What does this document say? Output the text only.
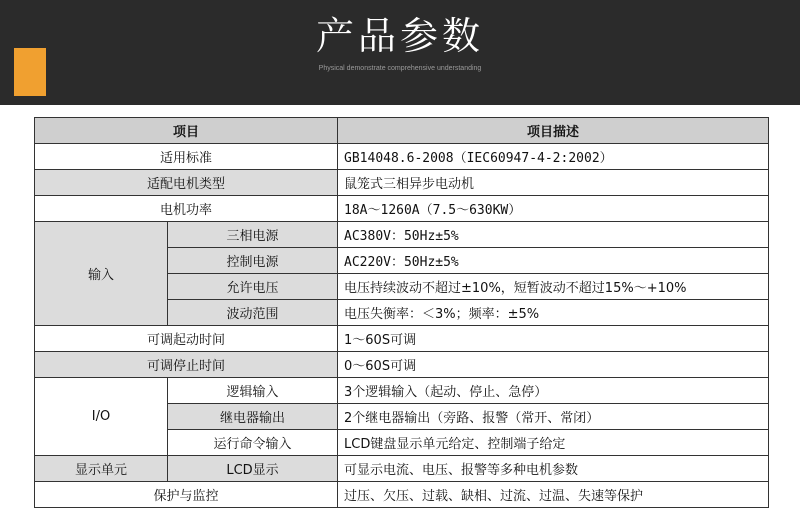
产品参数
Physical demonstrate comprehensive understanding
项目		项目描述
适用标准		GB14048.6-2008（IEC60947-4-2:2002）
适配电机类型		鼠笼式三相异步电动机
电机功率		18A～1260A（7.5～630KW）
输入	三相电源	AC380V：50Hz±5%
	控制电源	AC220V：50Hz±5%
	允许电压	电压持续波动不超过±10%，短暂波动不超过15%～+10%
	波动范围	电压失衡率：＜3%；频率：±5%
可调起动时间		1～60S可调
可调停止时间		0～60S可调
I/O	逻辑输入	3个逻辑输入（起动、停止、急停）
	继电器输出	2个继电器输出（旁路、报警（常开、常闭）
	运行命令输入	LCD键盘显示单元给定、控制端子给定
显示单元	LCD显示	可显示电流、电压、报警等多种电机参数
保护与监控		过压、欠压、过载、缺相、过流、过温、失速等保护
